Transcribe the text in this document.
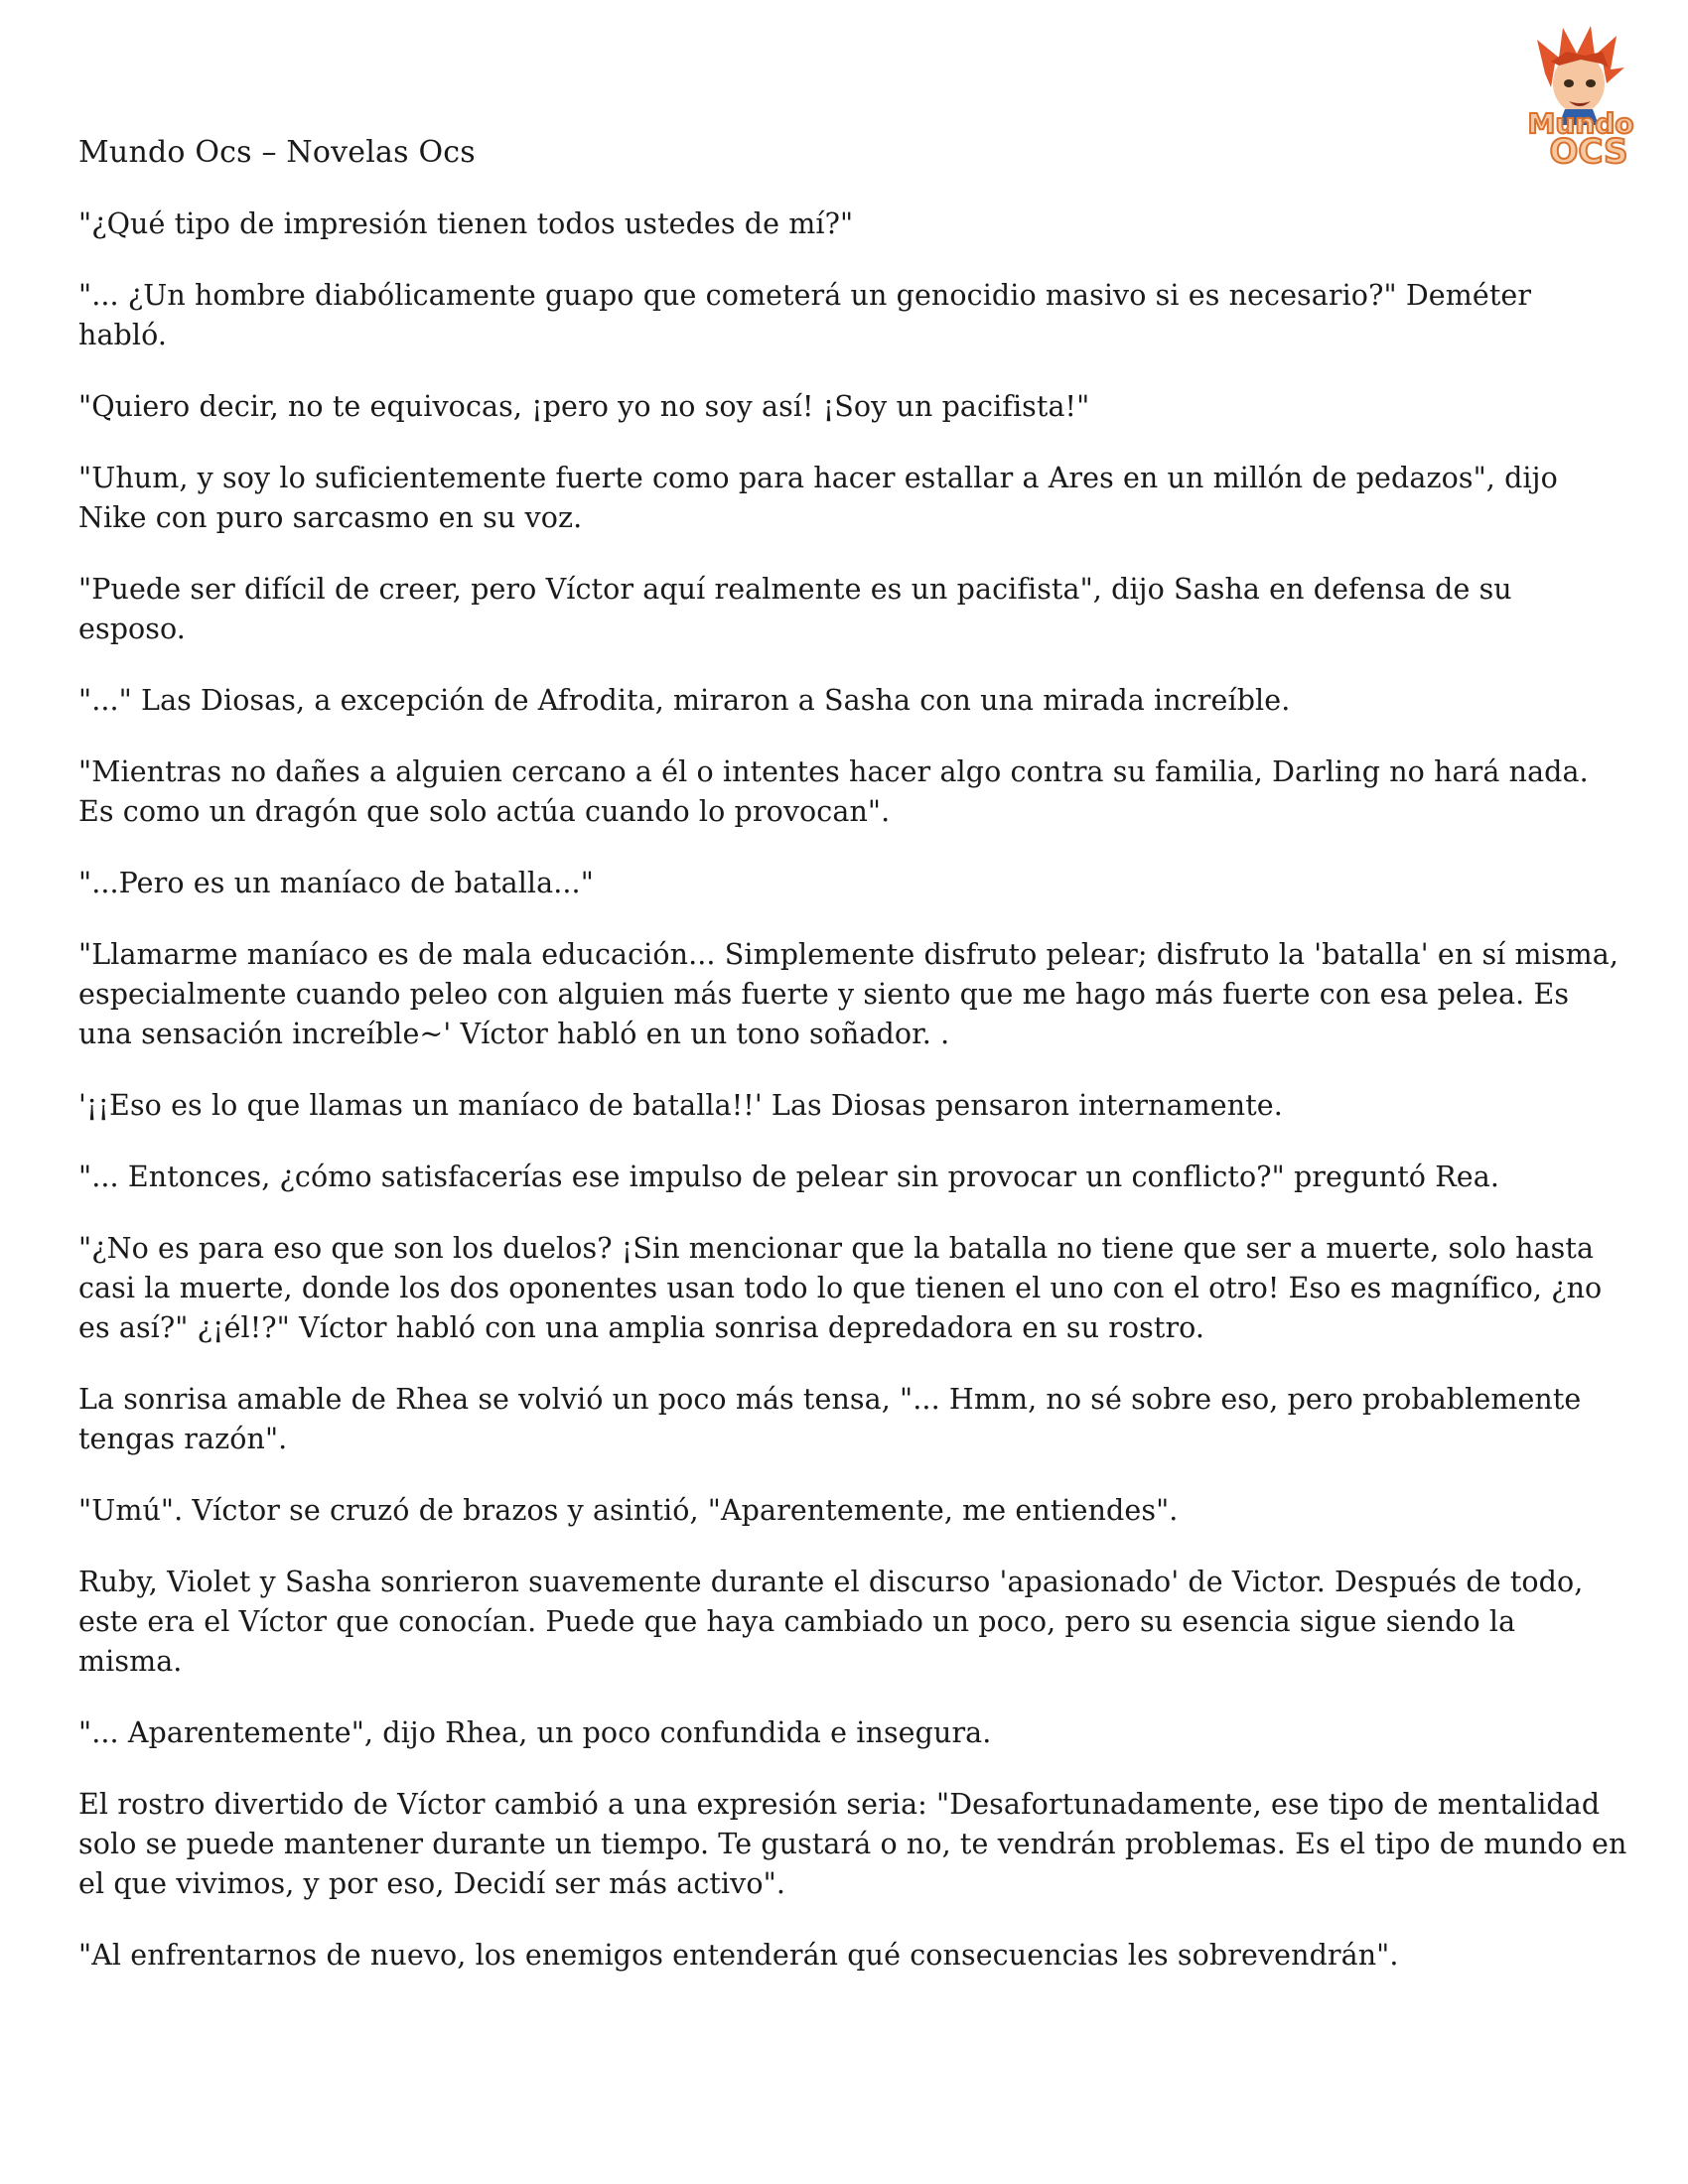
Mundo Ocs – Novelas Ocs
Mundo
OCS

"¿Qué tipo de impresión tienen todos ustedes de mí?"

"... ¿Un hombre diabólicamente guapo que cometerá un genocidio masivo si es necesario?" Deméter habló.

"Quiero decir, no te equivocas, ¡pero yo no soy así! ¡Soy un pacifista!"

"Uhum, y soy lo suficientemente fuerte como para hacer estallar a Ares en un millón de pedazos", dijo Nike con puro sarcasmo en su voz.

"Puede ser difícil de creer, pero Víctor aquí realmente es un pacifista", dijo Sasha en defensa de su esposo.

"..." Las Diosas, a excepción de Afrodita, miraron a Sasha con una mirada increíble.

"Mientras no dañes a alguien cercano a él o intentes hacer algo contra su familia, Darling no hará nada. Es como un dragón que solo actúa cuando lo provocan".

"...Pero es un maníaco de batalla..."

"Llamarme maníaco es de mala educación... Simplemente disfruto pelear; disfruto la 'batalla' en sí misma, especialmente cuando peleo con alguien más fuerte y siento que me hago más fuerte con esa pelea. Es una sensación increíble~' Víctor habló en un tono soñador. .

'¡¡Eso es lo que llamas un maníaco de batalla!!' Las Diosas pensaron internamente.

"... Entonces, ¿cómo satisfacerías ese impulso de pelear sin provocar un conflicto?" preguntó Rea.

"¿No es para eso que son los duelos? ¡Sin mencionar que la batalla no tiene que ser a muerte, solo hasta casi la muerte, donde los dos oponentes usan todo lo que tienen el uno con el otro! Eso es magnífico, ¿no es así?" ¿¡él!?" Víctor habló con una amplia sonrisa depredadora en su rostro.

La sonrisa amable de Rhea se volvió un poco más tensa, "... Hmm, no sé sobre eso, pero probablemente tengas razón".

"Umú". Víctor se cruzó de brazos y asintió, "Aparentemente, me entiendes".

Ruby, Violet y Sasha sonrieron suavemente durante el discurso 'apasionado' de Victor. Después de todo, este era el Víctor que conocían. Puede que haya cambiado un poco, pero su esencia sigue siendo la misma.

"... Aparentemente", dijo Rhea, un poco confundida e insegura.

El rostro divertido de Víctor cambió a una expresión seria: "Desafortunadamente, ese tipo de mentalidad solo se puede mantener durante un tiempo. Te gustará o no, te vendrán problemas. Es el tipo de mundo en el que vivimos, y por eso, Decidí ser más activo".

"Al enfrentarnos de nuevo, los enemigos entenderán qué consecuencias les sobrevendrán".
